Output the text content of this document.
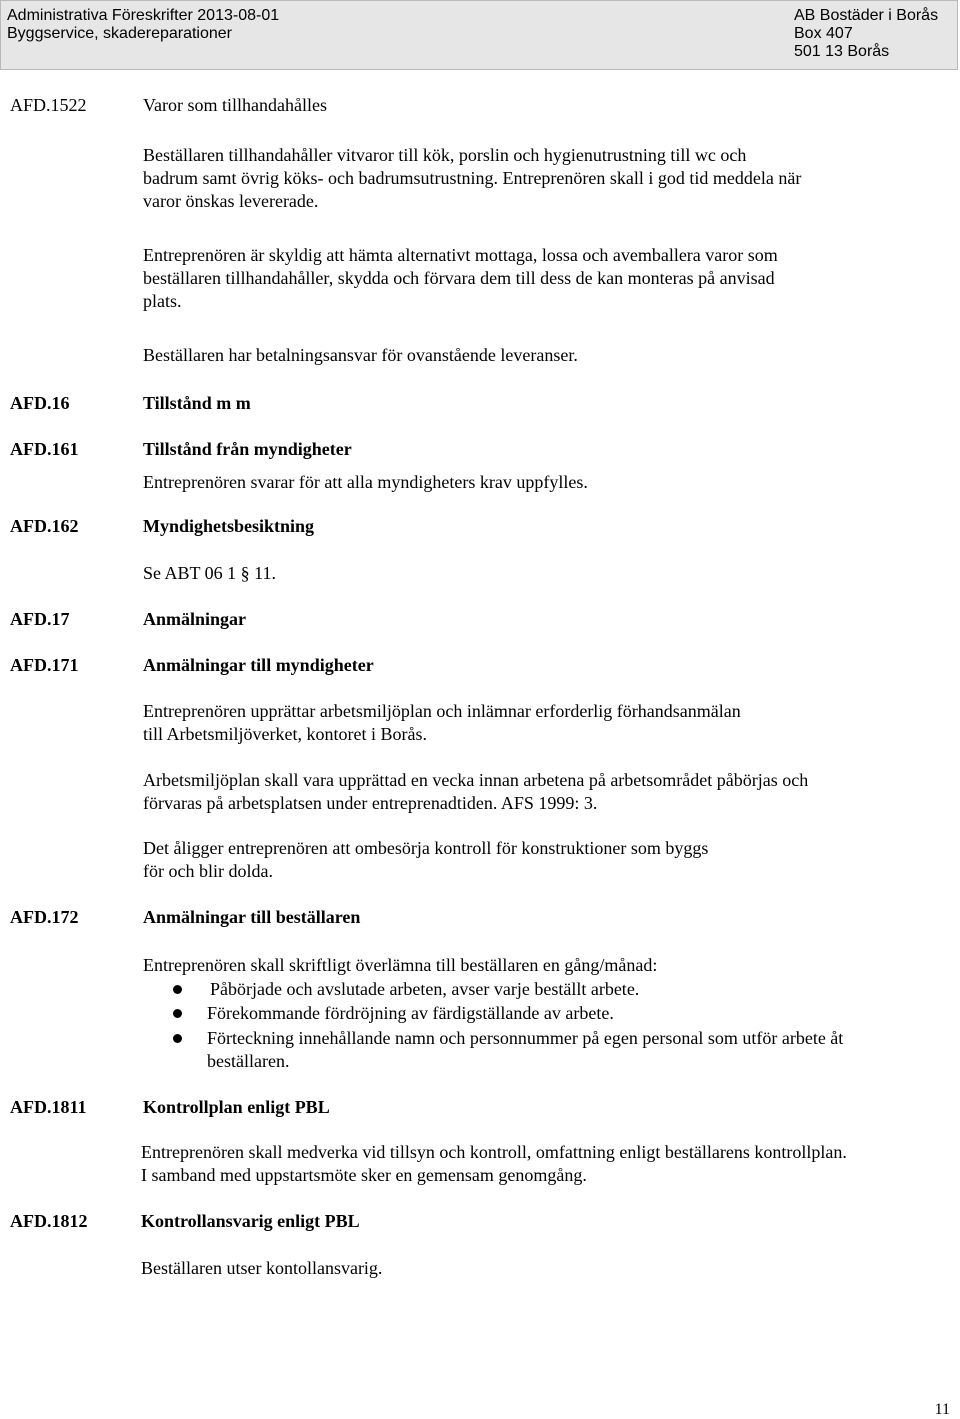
Administrativa Föreskrifter 2013-08-01
Byggservice, skadereparationer
AB Bostäder i Borås
Box 407
501 13 Borås
AFD.1522	Varor som tillhandahålles
Beställaren tillhandahåller vitvaror till kök, porslin och hygienutrustning till wc och
badrum samt övrig köks- och badrumsutrustning. Entreprenören skall i god tid meddela när
varor önskas levererade.
Entreprenören är skyldig att hämta alternativt mottaga, lossa och avemballera varor som
beställaren tillhandahåller, skydda och förvara dem till dess de kan monteras på anvisad
plats.
Beställaren har betalningsansvar för ovanstående leveranser.
AFD.16	Tillstånd m m
AFD.161	Tillstånd från myndigheter
Entreprenören svarar för att alla myndigheters krav uppfylles.
AFD.162	Myndighetsbesiktning
Se ABT 06 1 § 11.
AFD.17	Anmälningar
AFD.171	Anmälningar till myndigheter
Entreprenören upprättar arbetsmiljöplan och inlämnar erforderlig förhandsanmälan
till Arbetsmiljöverket, kontoret i Borås.
Arbetsmiljöplan skall vara upprättad en vecka innan arbetena på arbetsområdet påbörjas och
förvaras på arbetsplatsen under entreprenadtiden. AFS 1999: 3.
Det åligger entreprenören att ombesörja kontroll för konstruktioner som byggs
för och blir dolda.
AFD.172	Anmälningar till beställaren
Entreprenören skall skriftligt överlämna till beställaren en gång/månad:
Påbörjade och avslutade arbeten, avser varje beställt arbete.
Förekommande fördröjning av färdigställande av arbete.
Förteckning innehållande namn och personnummer på egen personal som utför arbete åt
beställaren.
AFD.1811	Kontrollplan enligt PBL
Entreprenören skall medverka vid tillsyn och kontroll, omfattning enligt beställarens kontrollplan.
I samband med uppstartsmöte sker en gemensam genomgång.
AFD.1812	Kontrollansvarig enligt PBL
Beställaren utser kontollansvarig.
11
